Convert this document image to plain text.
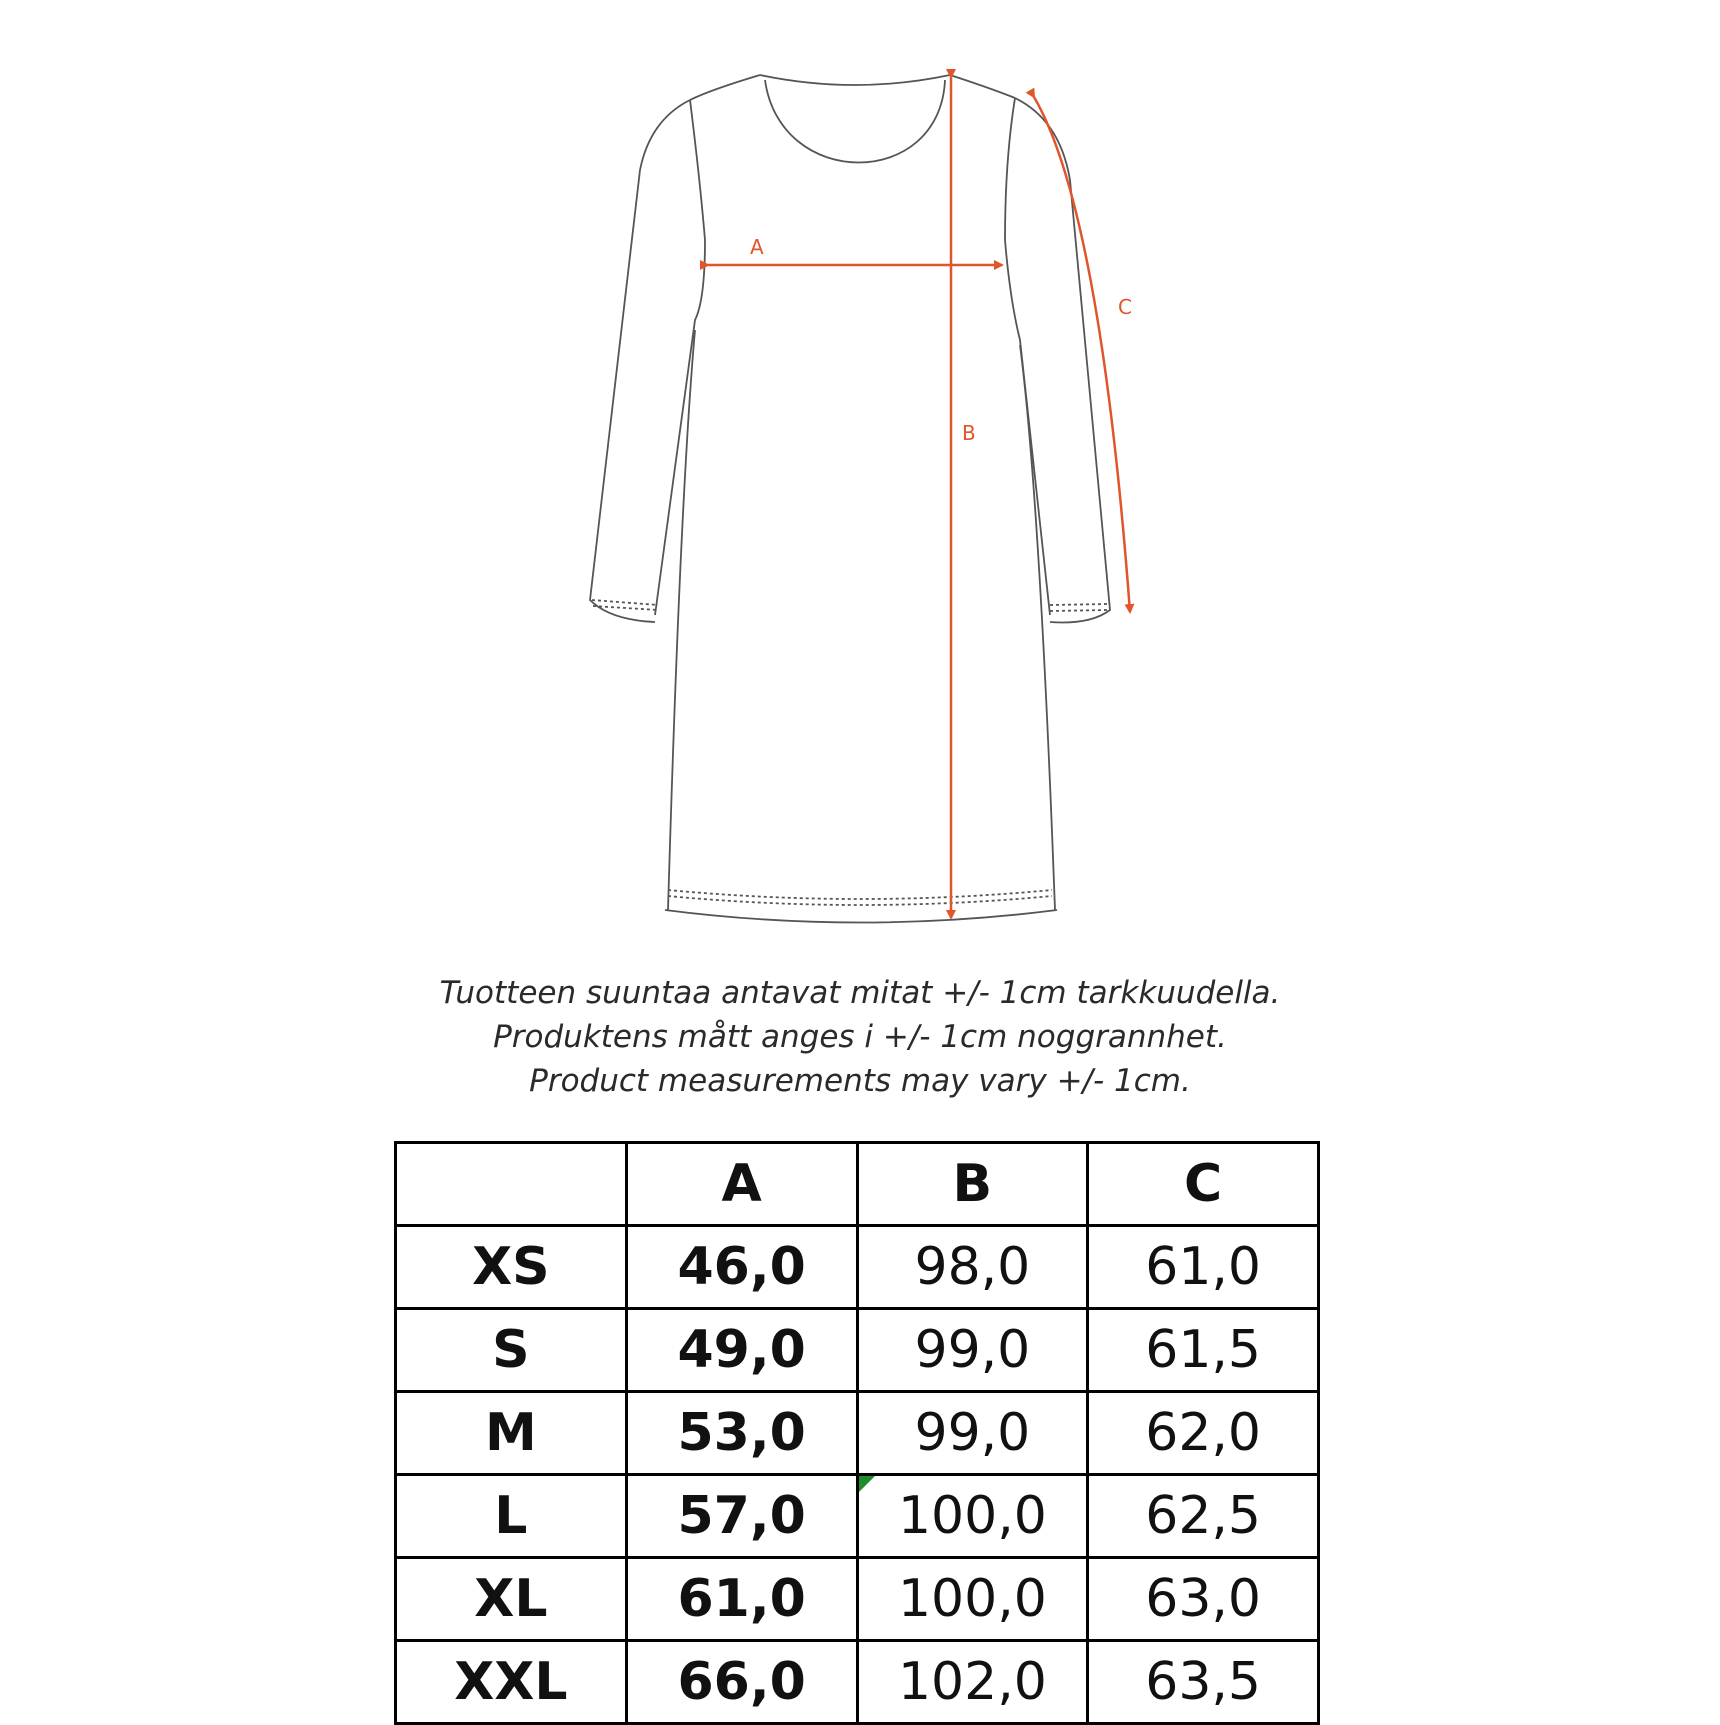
A
B
C
Tuotteen suuntaa antavat mitat +/- 1cm tarkkuudella.
Produktens mått anges i +/- 1cm noggrannhet.
Product measurements may vary +/- 1cm.
	A	B	C
XS	46,0	98,0	61,0
S	49,0	99,0	61,5
M	53,0	99,0	62,0
L	57,0	100,0	62,5
XL	61,0	100,0	63,0
XXL	66,0	102,0	63,5
